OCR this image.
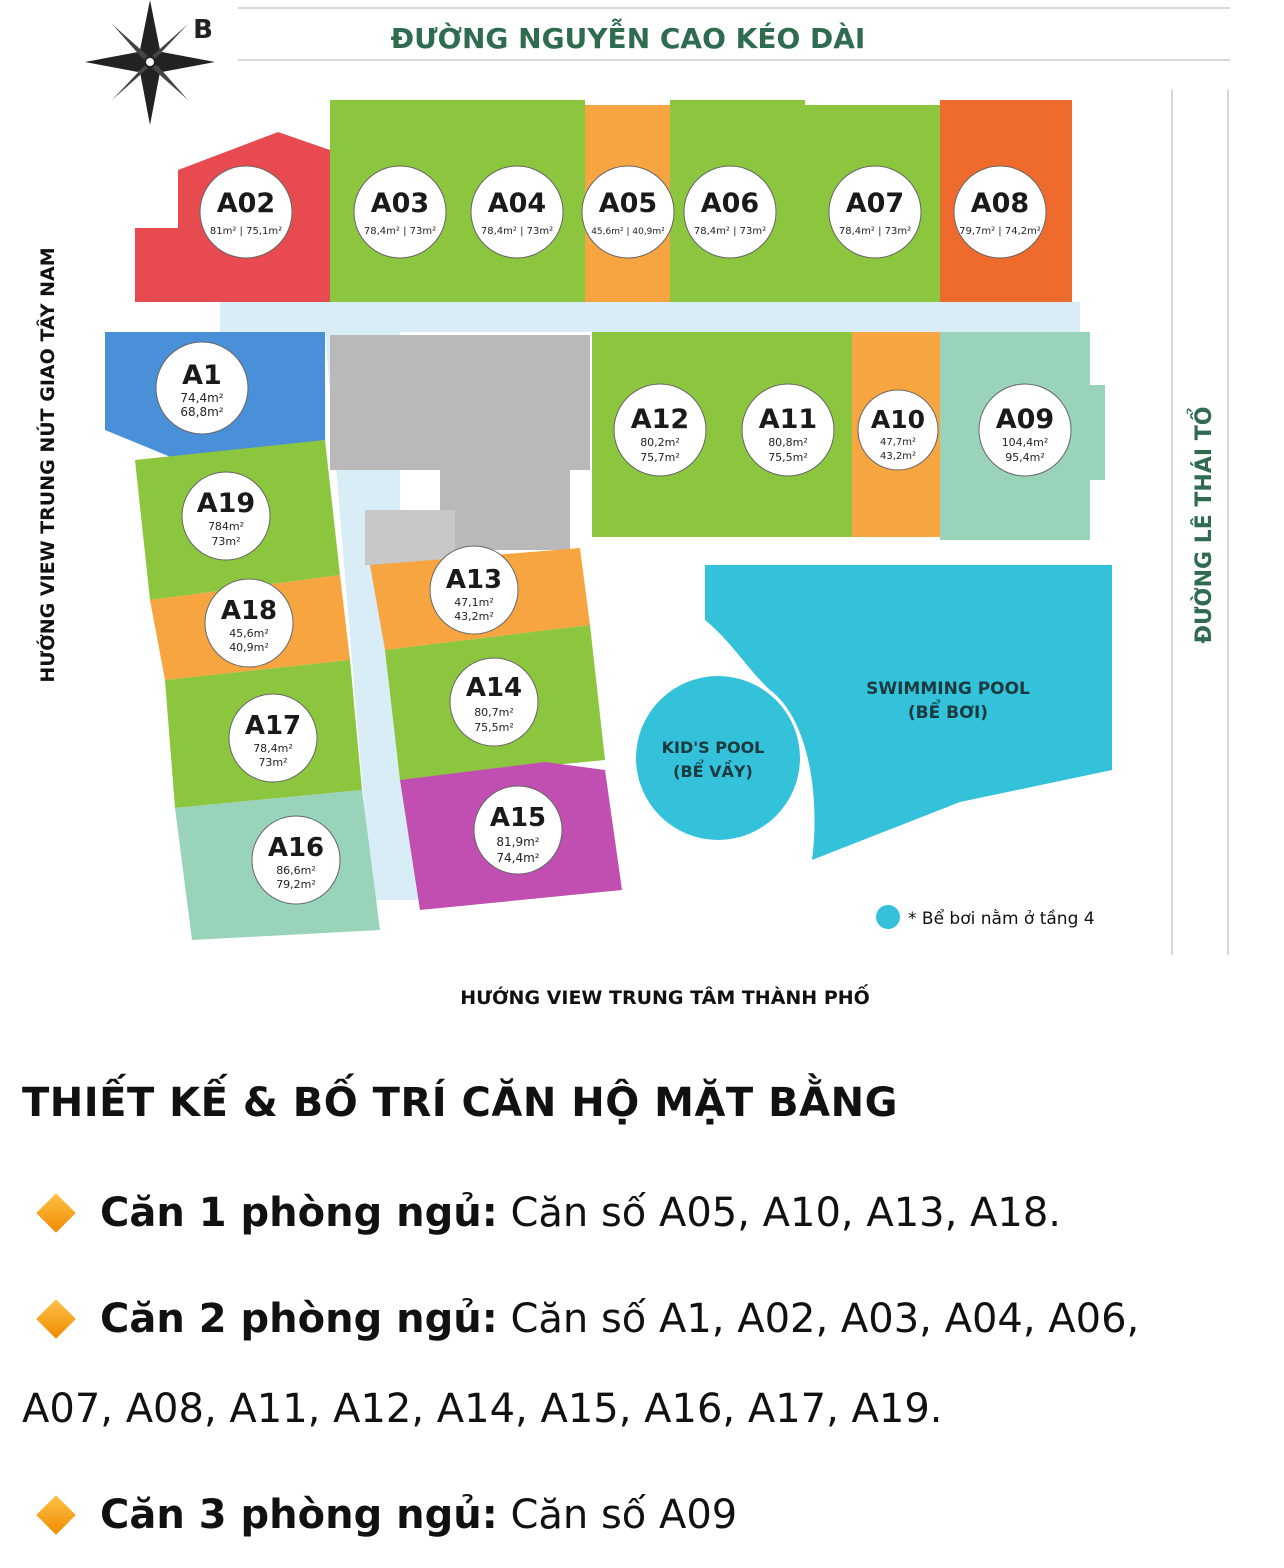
ĐƯỜNG NGUYỄN CAO KÉO DÀI
ĐƯỜNG LÊ THÁI TỔ
HƯỚNG VIEW TRUNG NÚT GIAO TÂY NAM
HƯỚNG VIEW TRUNG TÂM THÀNH PHỐ
B
KID'S POOL
(BỂ VẦY)
SWIMMING POOL
(BỂ BƠI)
* Bể bơi nằm ở tầng 4
A02
81m² | 75,1m²
A03
78,4m² | 73m²
A04
78,4m² | 73m²
A05
45,6m² | 40,9m²
A06
78,4m² | 73m²
A07
78,4m² | 73m²
A08
79,7m² | 74,2m²
A1
74,4m²
68,8m²	A12
80,2m²
75,7m²
A11
80,8m²
75,5m²
A10
47,7m²
43,2m²
A09
104,4m²
95,4m²
A19
784m²
73m²
A13
47,1m²
43,2m²
A18
45,6m²
40,9m²
A14
80,7m²
75,5m²
A17
78,4m²
73m²
A15
81,9m²
74,4m²
A16
86,6m²
79,2m²
THIẾT KẾ & BỐ TRÍ CĂN HỘ MẶT BẰNG
Căn 1 phòng ngủ: Căn số A05, A10, A13, A18.
Căn 2 phòng ngủ: Căn số A1, A02, A03, A04, A06,
A07, A08, A11, A12, A14, A15, A16, A17, A19.
Căn 3 phòng ngủ: Căn số A09
